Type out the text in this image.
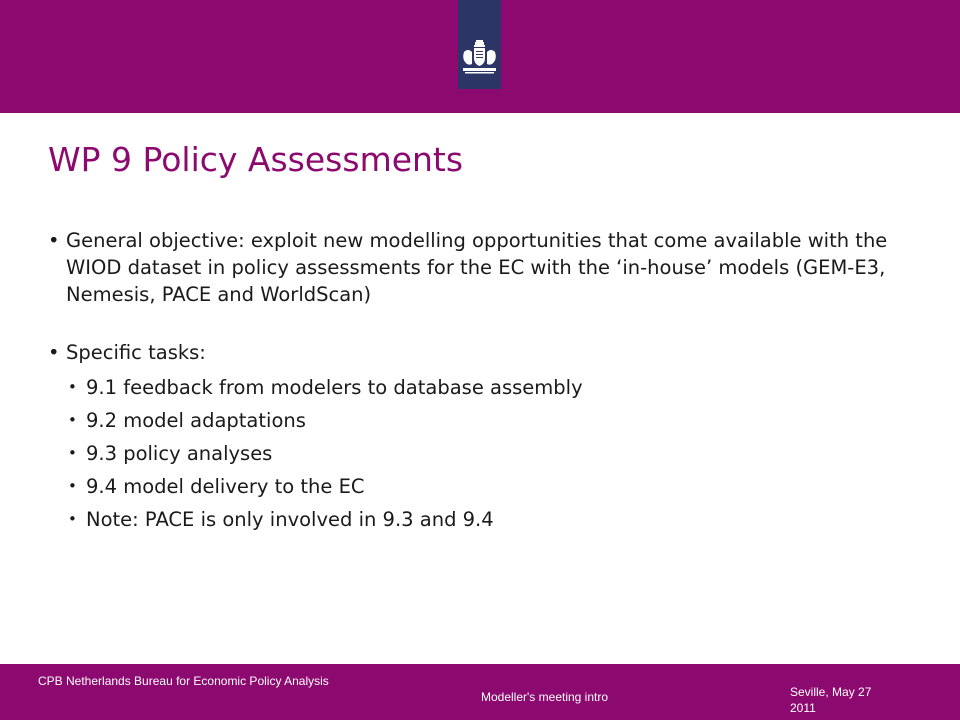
WP 9 Policy Assessments
• General objective: exploit new modelling opportunities that come available with the WIOD dataset in policy assessments for the EC with the ‘in-house’ models (GEM-E3, Nemesis, PACE and WorldScan)
• Specific tasks:
• 9.1 feedback from modelers to database assembly
• 9.2 model adaptations
• 9.3 policy analyses
• 9.4 model delivery to the EC
• Note: PACE is only involved in 9.3 and 9.4
CPB Netherlands Bureau for Economic Policy Analysis
Modeller's meeting intro	Seville, May 27 2011
